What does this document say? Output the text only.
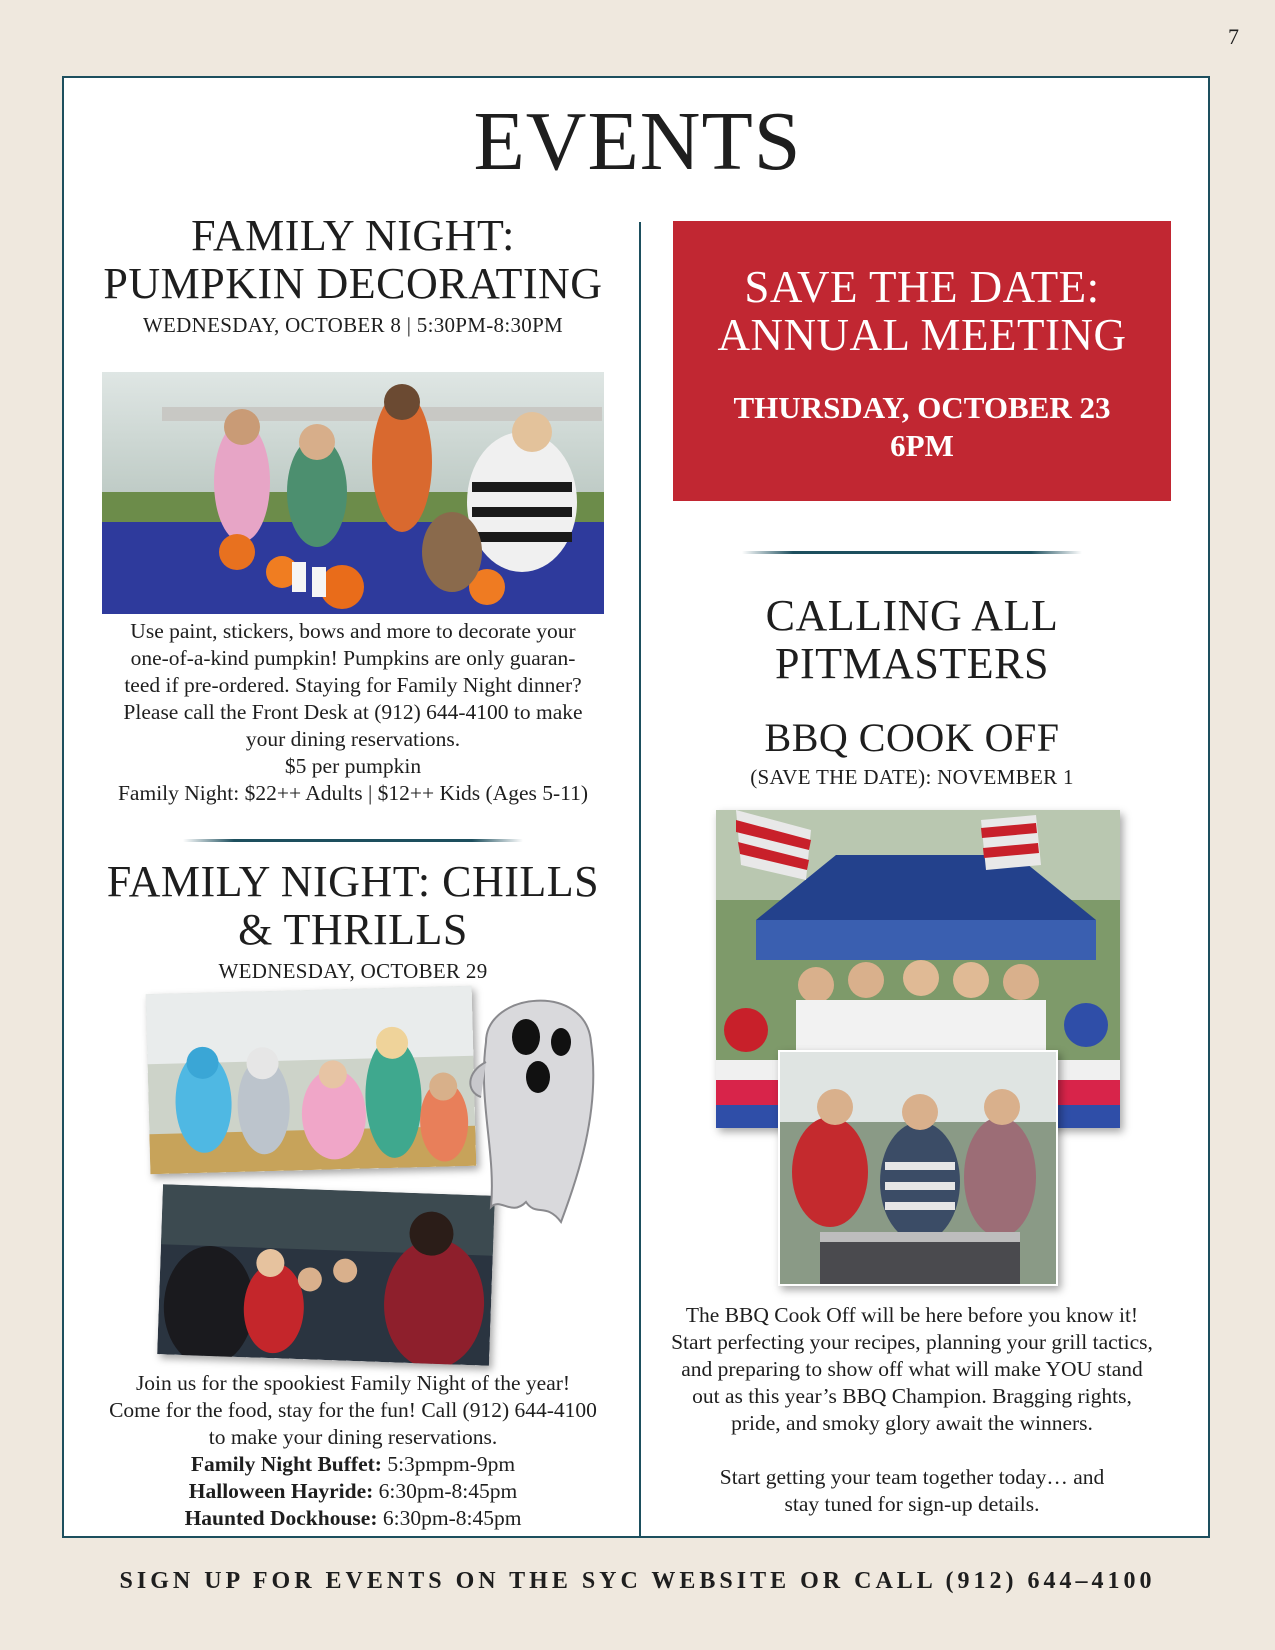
7
EVENTS
FAMILY NIGHT:
PUMPKIN DECORATING

WEDNESDAY, OCTOBER 8 | 5:30PM-8:30PM

Use paint, stickers, bows and more to decorate your

one-of-a-kind pumpkin! Pumpkins are only guaran-

teed if pre-ordered. Staying for Family Night dinner?

Please call the Front Desk at (912) 644-4100 to make

your dining reservations.

$5 per pumpkin

Family Night: $22++ Adults | $12++ Kids (Ages 5-11)

FAMILY NIGHT: CHILLS
& THRILLS

WEDNESDAY, OCTOBER 29

Join us for the spookiest Family Night of the year!

Come for the food, stay for the fun! Call (912) 644-4100

to make your dining reservations.

Family Night Buffet: 5:3pmpm-9pm

Halloween Hayride: 6:30pm-8:45pm

Haunted Dockhouse: 6:30pm-8:45pm

SAVE THE DATE:
ANNUAL MEETING

THURSDAY, OCTOBER 23
6PM

CALLING ALL
PITMASTERS

BBQ COOK OFF

(SAVE THE DATE): NOVEMBER 1

The BBQ Cook Off will be here before you know it!

Start perfecting your recipes, planning your grill tactics,

and preparing to show off what will make YOU stand

out as this year’s BBQ Champion. Bragging rights,

pride, and smoky glory await the winners.

Start getting your team together today… and

stay tuned for sign-up details.

SIGN UP FOR EVENTS ON THE SYC WEBSITE OR CALL (912) 644–4100
